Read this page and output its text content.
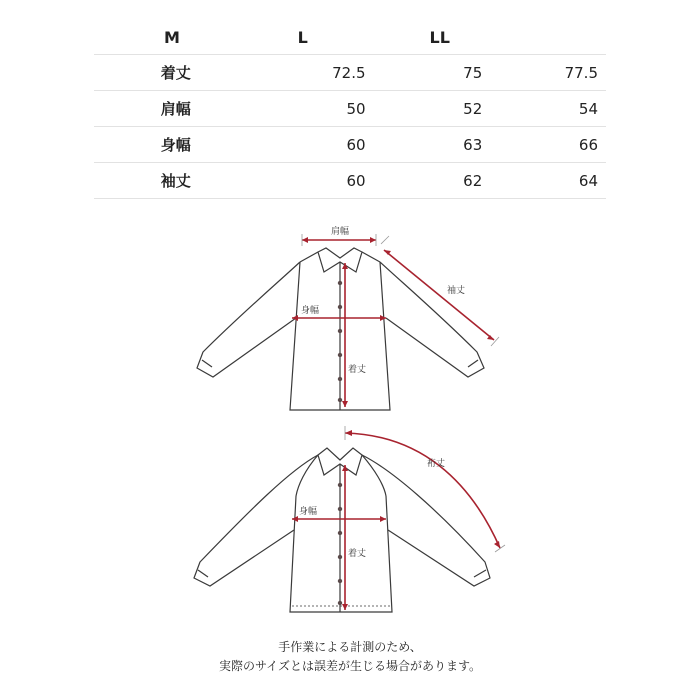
M	L	LL	
着丈	72.5	75	77.5
肩幅	50	52	54
身幅	60	63	66
袖丈	60	62	64
肩幅
身幅
着丈
袖丈
身幅
着丈
裄丈
手作業による計測のため、
実際のサイズとは誤差が生じる場合があります。
